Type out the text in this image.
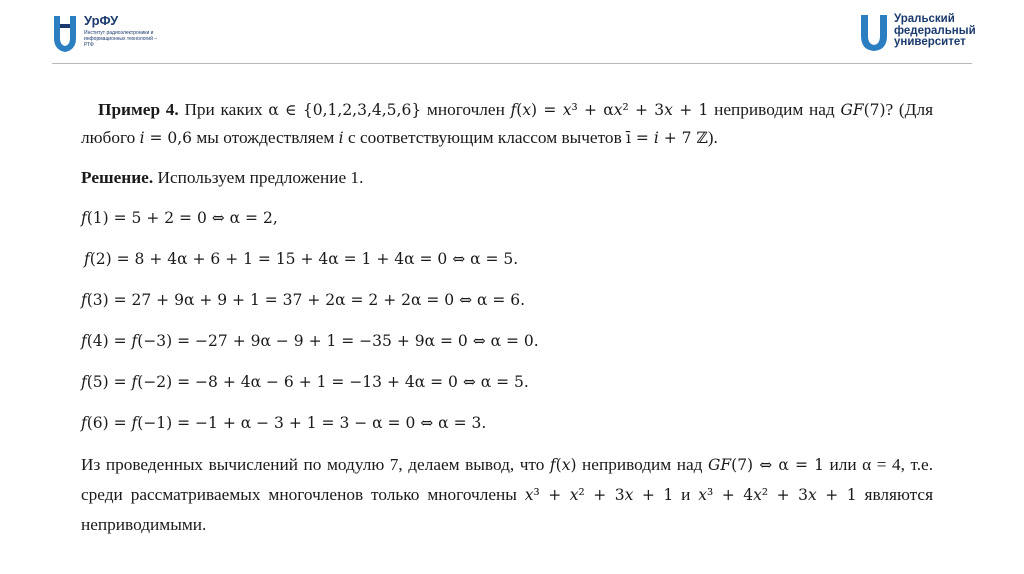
УрФУ
Институт радиоэлектроники и информационных технологий – РТФ
Уральский
федеральный
университет

Пример 4. При каких α ∈ {0,1,2,3,4,5,6} многочлен 𝑓(𝑥) = 𝑥³ + α𝑥² + 3𝑥 + 1 неприводим над 𝐺𝐹(7)? (Для любого 𝑖 = 0,6 мы отождествляем 𝑖 с соответствующим классом вычетов ī = 𝑖 + 7 ℤ).

Решение. Используем предложение 1.

𝑓(1) = 5 + 2 = 0 ⇔ α = 2,

𝑓(2) = 8 + 4α + 6 + 1 = 15 + 4α = 1 + 4α = 0 ⇔ α = 5.

𝑓(3) = 27 + 9α + 9 + 1 = 37 + 2α = 2 + 2α = 0 ⇔ α = 6.

𝑓(4) = 𝑓(−3) = −27 + 9α − 9 + 1 = −35 + 9α = 0 ⇔ α = 0.

𝑓(5) = 𝑓(−2) = −8 + 4α − 6 + 1 = −13 + 4α = 0 ⇔ α = 5.

𝑓(6) = 𝑓(−1) = −1 + α − 3 + 1 = 3 − α = 0 ⇔ α = 3.

Из проведенных вычислений по модулю 7, делаем вывод, что 𝑓(𝑥) неприводим над 𝐺𝐹(7) ⇔ α = 1 или α = 4, т.е. среди рассматриваемых многочленов только многочлены 𝑥³ + 𝑥² + 3𝑥 + 1 и 𝑥³ + 4𝑥² + 3𝑥 + 1 являются неприводимыми.
